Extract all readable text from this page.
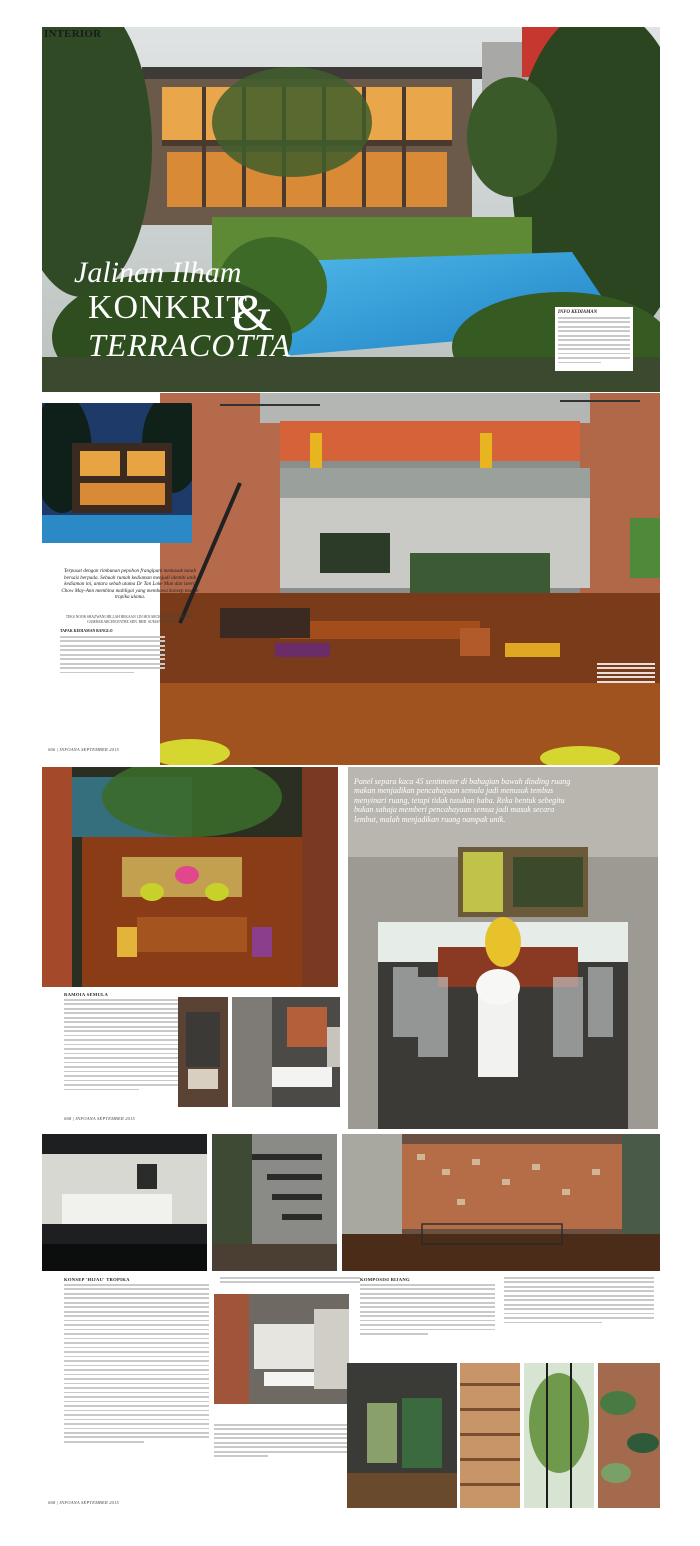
INTERIOR
Jalinan Ilham
KONKRIT
&
TERRACOTTA
INFO KEDIAMAN
Terpusat dengan rimbunan pepohon frangipani memasuk tanah bersaiz berpada. Sebuah rumah kediaman menjadi identiti unik kediaman ini, antara sebab utama Dr Tan Loke Mun dan isteri, Chow May-Ann membina mahligai yang membawa konsep moden tropika ulama.
TEKS NOOR SHAZWANI HILLAH REKAAN LIN HOI ARCHICENTRE SDN. BHD. GAMBAR ARCHICENTRE SDN. BHD. SUMANG JAYA
TAPAK KEDIAMAN BANGLO
066 | INFOANA SEPTEMBER 2015
Panel separa kaca 45 sentimeter di bahagian bawah dinding ruang makan menjadikan pencahayaan semula jadi menusuk tembus menyinari ruang, tetapi tidak tusukan haba. Reka bentuk sebegitu bukan sahaja memberi pencahayaan semua jadi masuk secara lembut, malah menjadikan ruang nampak unik.
RAMOIA SEMULA
068 | INFOANA SEPTEMBER 2015
KONSEP 'HIJAU' TROPIKA	KOMPOSISI BIJANG
068 | INFOANA SEPTEMBER 2015
